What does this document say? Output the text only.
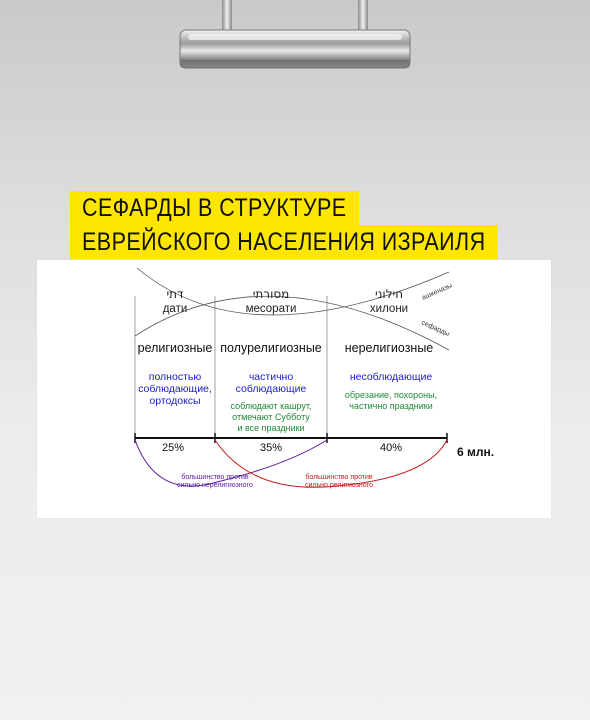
СЕФАРДЫ В СТРУКТУРЕ
ЕВРЕЙСКОГО НАСЕЛЕНИЯ ИЗРАИЛЯ
ашкеназы
сефарды
דתי
дати
религиозные
полностью
соблюдающие,
ортодоксы
מסורתי
месорати
полурелигиозные
частично
соблюдающие
соблюдают кашрут,
отмечают Субботу
и все праздники
חילוני
хилони
нерелигиозные
несоблюдающие
обрезание, похороны,
частично праздники
25%	35%	40%	6 млн.
большинство против
сильно нерелигиозного
большинство против
сильно религиозного
